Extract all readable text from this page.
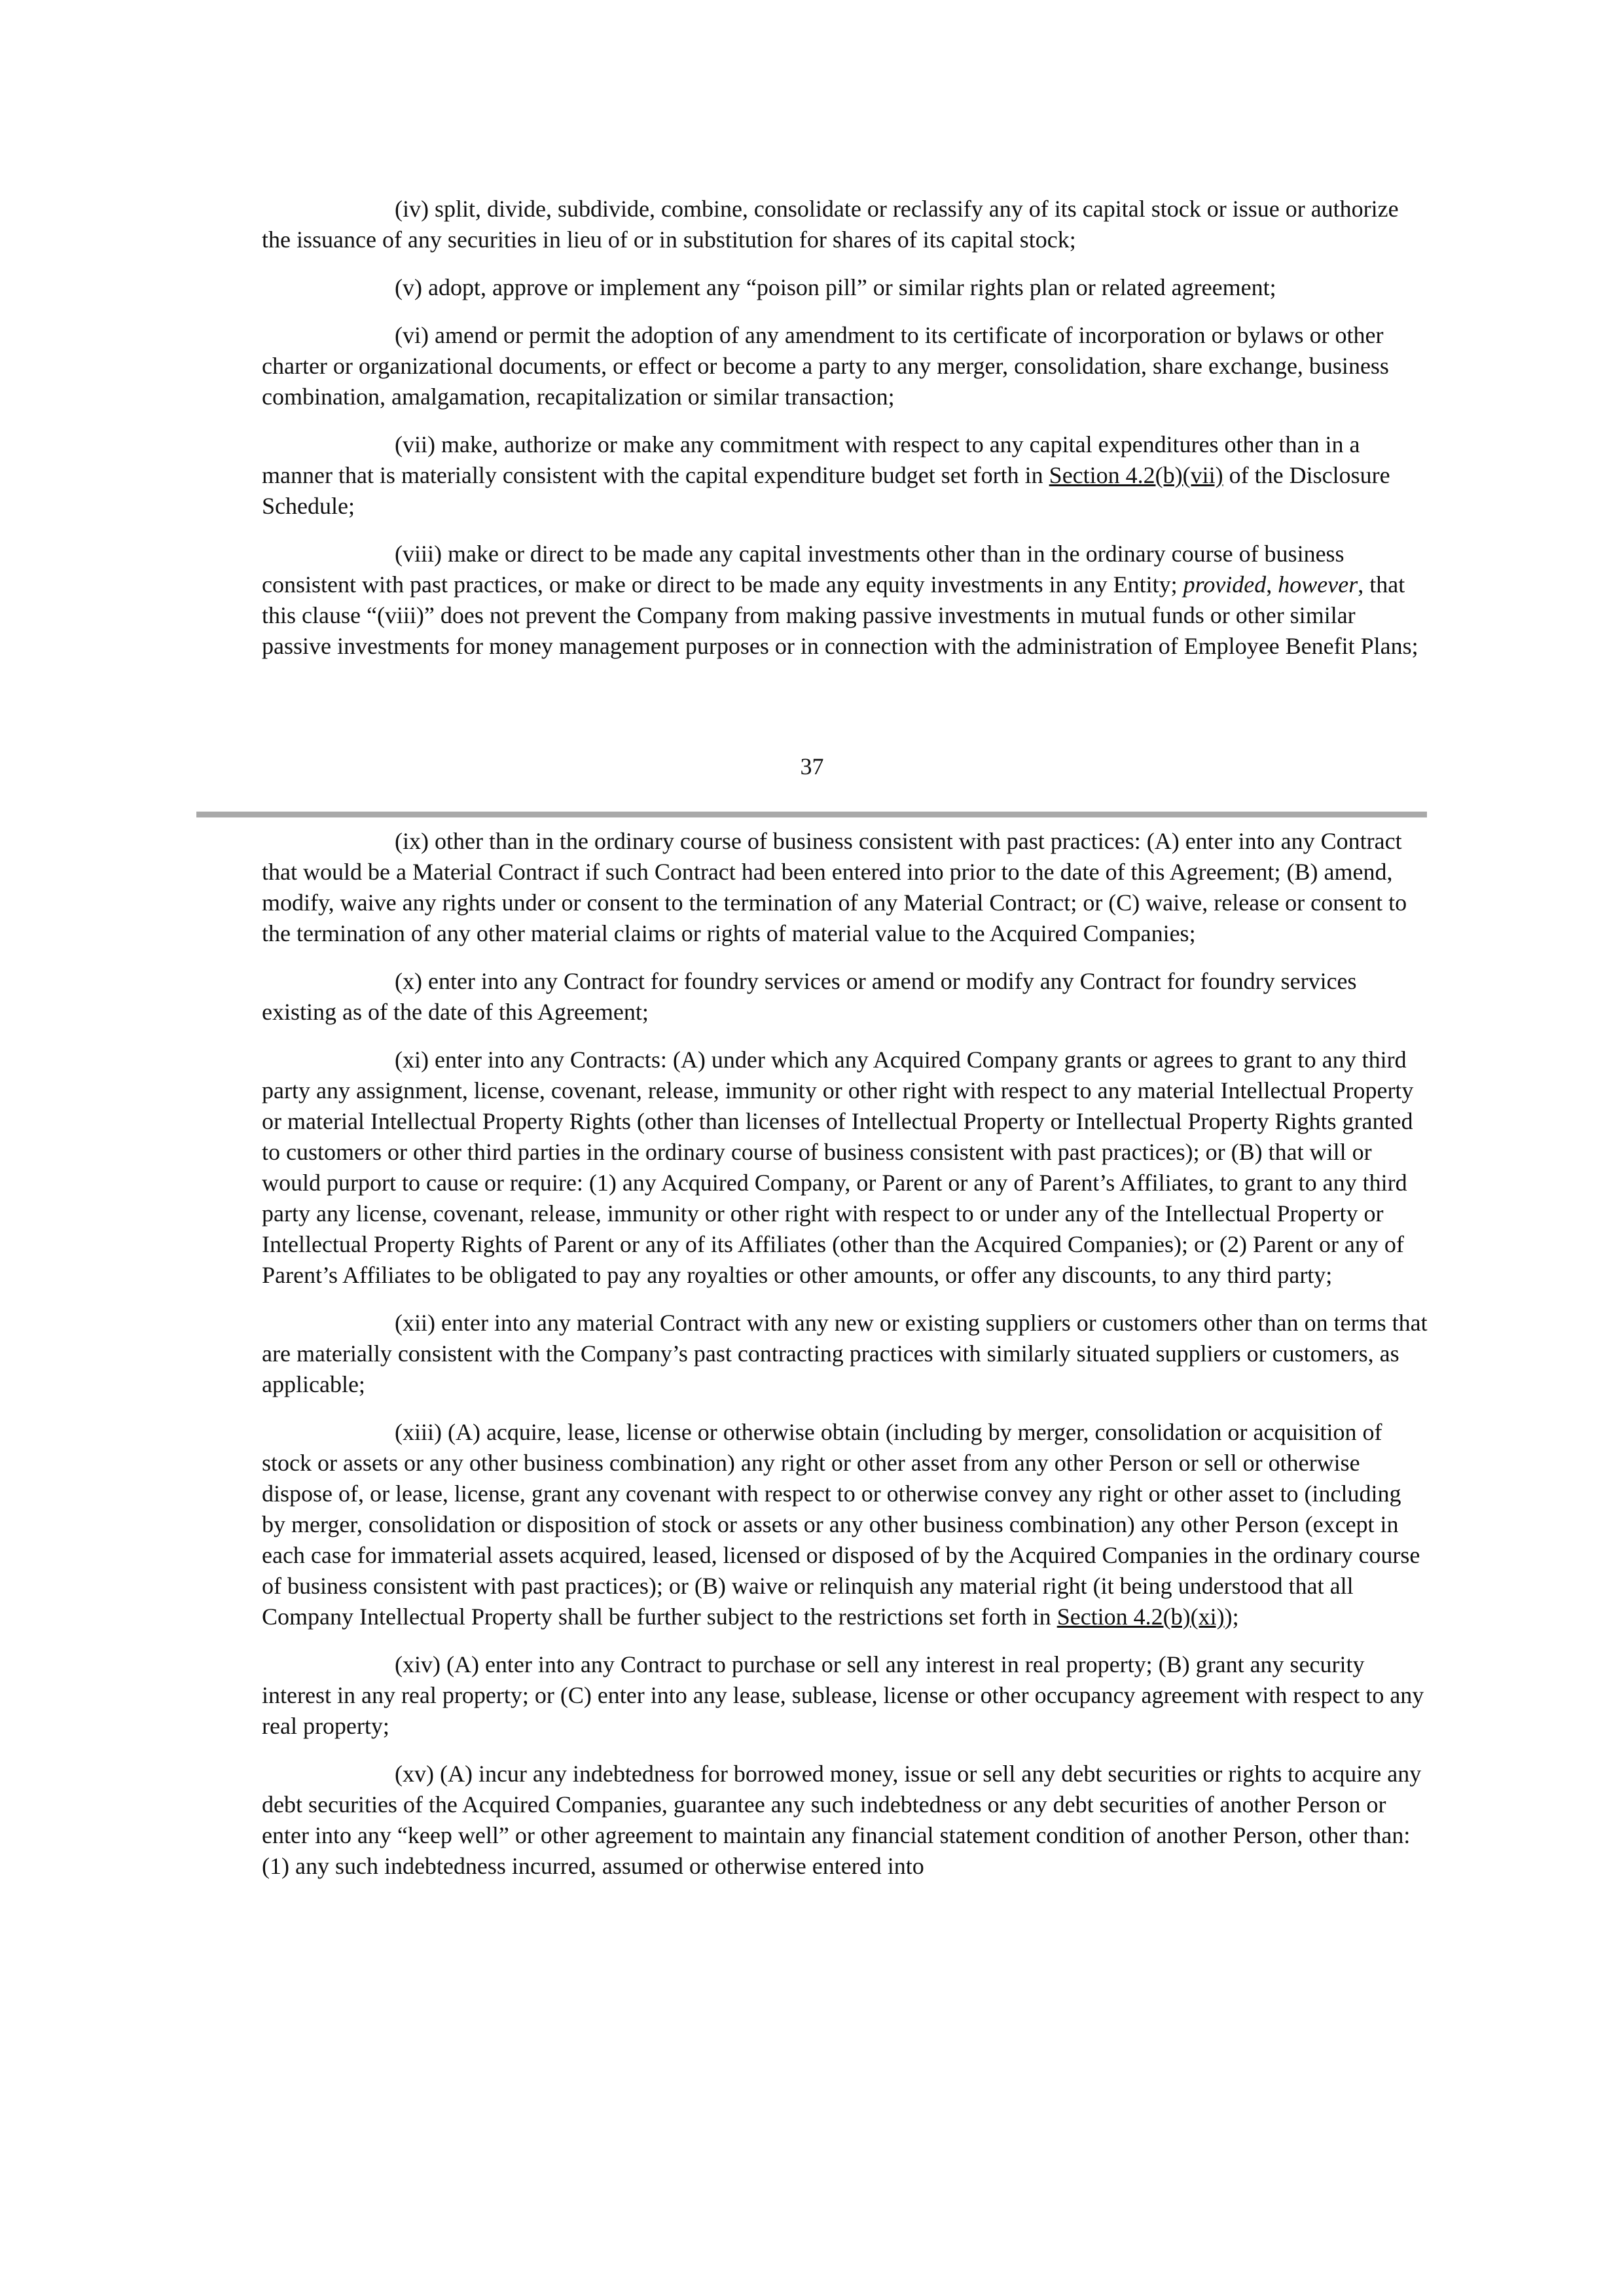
(iv) split, divide, subdivide, combine, consolidate or reclassify any of its capital stock or issue or authorize the issuance of any securities in lieu of or in substitution for shares of its capital stock;

(v) adopt, approve or implement any “poison pill” or similar rights plan or related agreement;

(vi) amend or permit the adoption of any amendment to its certificate of incorporation or bylaws or other charter or organizational documents, or effect or become a party to any merger, consolidation, share exchange, business combination, amalgamation, recapitalization or similar transaction;

(vii) make, authorize or make any commitment with respect to any capital expenditures other than in a manner that is materially consistent with the capital expenditure budget set forth in Section 4.2(b)(vii) of the Disclosure Schedule;

(viii) make or direct to be made any capital investments other than in the ordinary course of business consistent with past practices, or make or direct to be made any equity investments in any Entity; provided, however, that this clause “(viii)” does not prevent the Company from making passive investments in mutual funds or other similar passive investments for money management purposes or in connection with the administration of Employee Benefit Plans;

37

(ix) other than in the ordinary course of business consistent with past practices: (A) enter into any Contract that would be a Material Contract if such Contract had been entered into prior to the date of this Agreement; (B) amend, modify, waive any rights under or consent to the termination of any Material Contract; or (C) waive, release or consent to the termination of any other material claims or rights of material value to the Acquired Companies;

(x) enter into any Contract for foundry services or amend or modify any Contract for foundry services existing as of the date of this Agreement;

(xi) enter into any Contracts: (A) under which any Acquired Company grants or agrees to grant to any third party any assignment, license, covenant, release, immunity or other right with respect to any material Intellectual Property or material Intellectual Property Rights (other than licenses of Intellectual Property or Intellectual Property Rights granted to customers or other third parties in the ordinary course of business consistent with past practices); or (B) that will or would purport to cause or require: (1) any Acquired Company, or Parent or any of Parent’s Affiliates, to grant to any third party any license, covenant, release, immunity or other right with respect to or under any of the Intellectual Property or Intellectual Property Rights of Parent or any of its Affiliates (other than the Acquired Companies); or (2) Parent or any of Parent’s Affiliates to be obligated to pay any royalties or other amounts, or offer any discounts, to any third party;

(xii) enter into any material Contract with any new or existing suppliers or customers other than on terms that are materially consistent with the Company’s past contracting practices with similarly situated suppliers or customers, as applicable;

(xiii) (A) acquire, lease, license or otherwise obtain (including by merger, consolidation or acquisition of stock or assets or any other business combination) any right or other asset from any other Person or sell or otherwise dispose of, or lease, license, grant any covenant with respect to or otherwise convey any right or other asset to (including by merger, consolidation or disposition of stock or assets or any other business combination) any other Person (except in each case for immaterial assets acquired, leased, licensed or disposed of by the Acquired Companies in the ordinary course of business consistent with past practices); or (B) waive or relinquish any material right (it being understood that all Company Intellectual Property shall be further subject to the restrictions set forth in Section 4.2(b)(xi));

(xiv) (A) enter into any Contract to purchase or sell any interest in real property; (B) grant any security interest in any real property; or (C) enter into any lease, sublease, license or other occupancy agreement with respect to any real property;

(xv) (A) incur any indebtedness for borrowed money, issue or sell any debt securities or rights to acquire any debt securities of the Acquired Companies, guarantee any such indebtedness or any debt securities of another Person or enter into any “keep well” or other agreement to maintain any financial statement condition of another Person, other than: (1) any such indebtedness incurred, assumed or otherwise entered into
